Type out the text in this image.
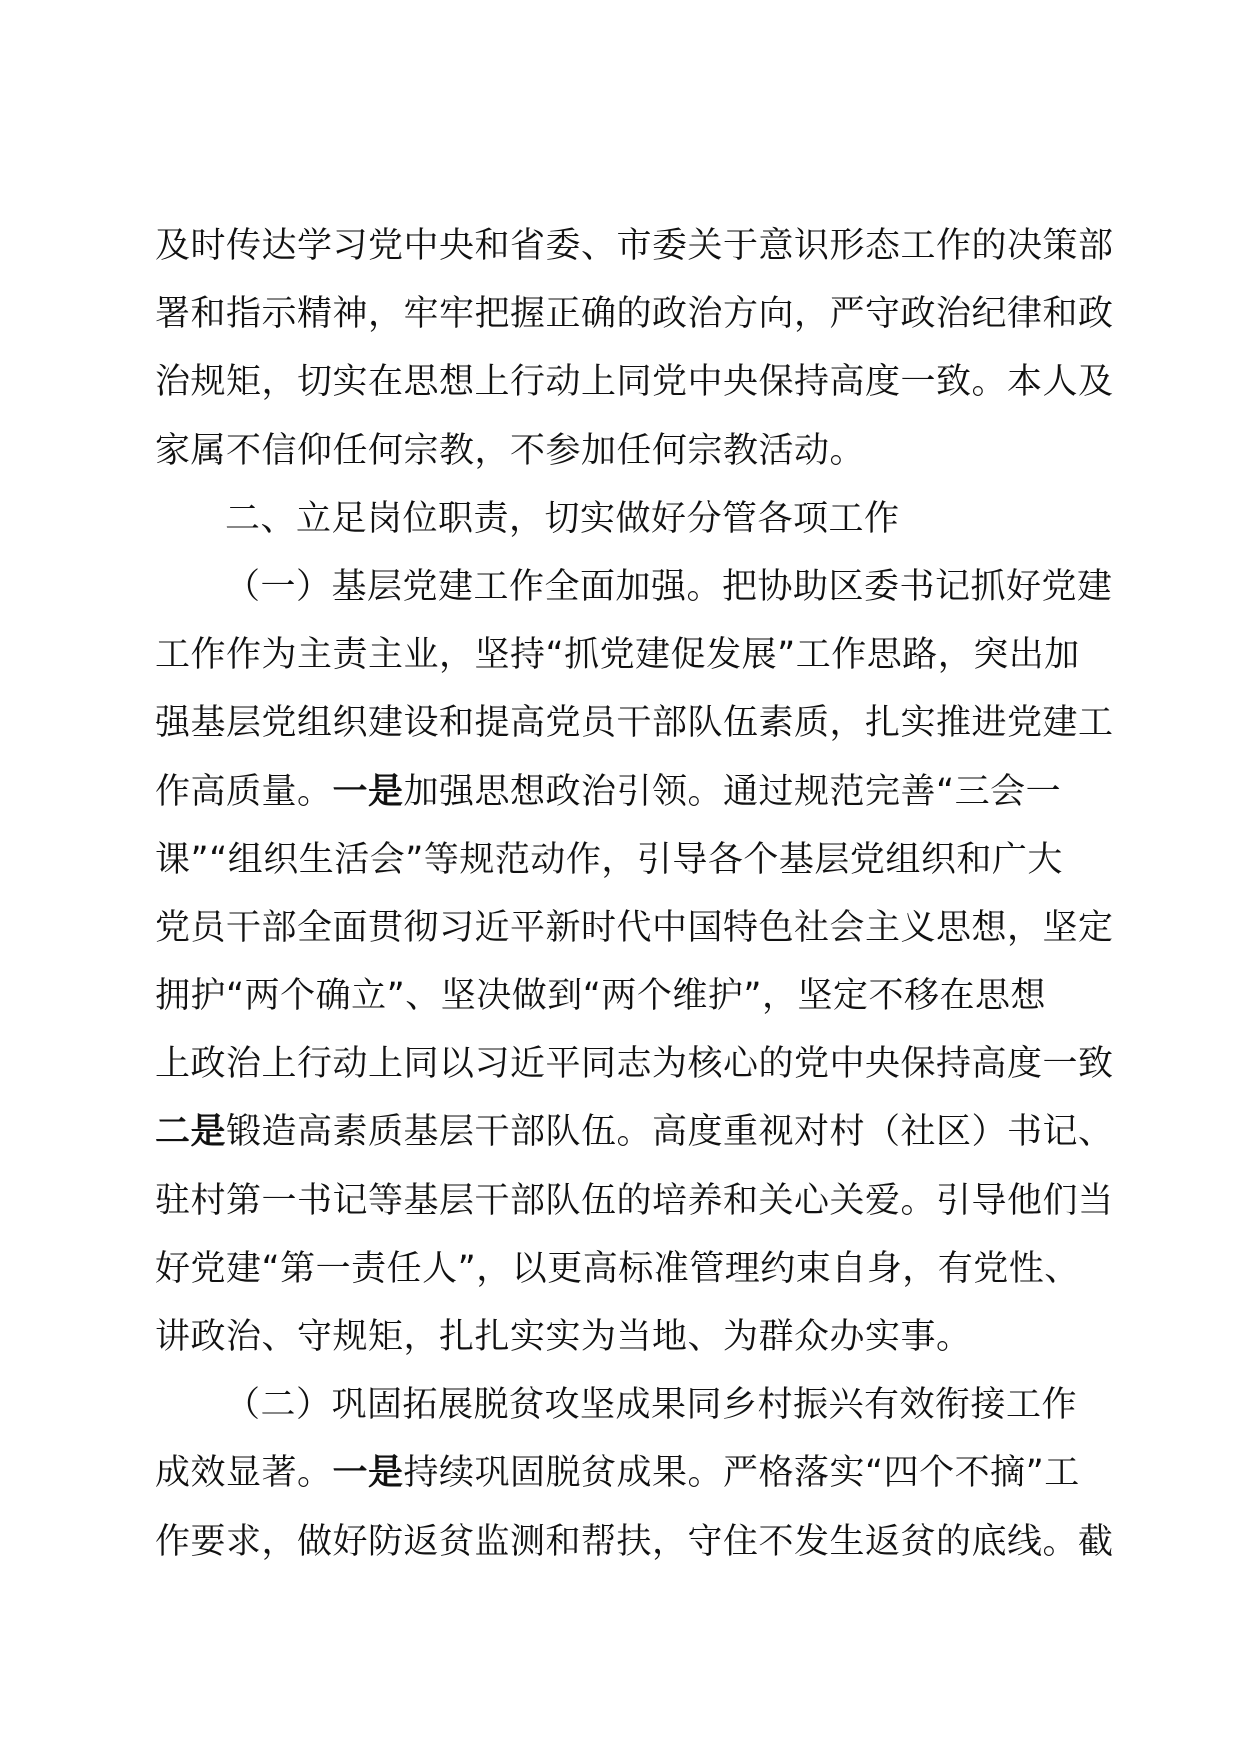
及时传达学习党中央和省委、市委关于意识形态工作的决策部
署和指示精神，牢牢把握正确的政治方向，严守政治纪律和政
治规矩，切实在思想上行动上同党中央保持高度一致。本人及
家属不信仰任何宗教，不参加任何宗教活动。
二、立足岗位职责，切实做好分管各项工作
（一）基层党建工作全面加强。把协助区委书记抓好党建
工作作为主责主业，坚持“抓党建促发展”工作思路，突出加
强基层党组织建设和提高党员干部队伍素质，扎实推进党建工
作高质量。一是加强思想政治引领。通过规范完善“三会一
课”“组织生活会”等规范动作，引导各个基层党组织和广大
党员干部全面贯彻习近平新时代中国特色社会主义思想，坚定
拥护“两个确立”、坚决做到“两个维护”，坚定不移在思想
上政治上行动上同以习近平同志为核心的党中央保持高度一致
二是锻造高素质基层干部队伍。高度重视对村（社区）书记、
驻村第一书记等基层干部队伍的培养和关心关爱。引导他们当
好党建“第一责任人”，以更高标准管理约束自身，有党性、
讲政治、守规矩，扎扎实实为当地、为群众办实事。
（二）巩固拓展脱贫攻坚成果同乡村振兴有效衔接工作
成效显著。一是持续巩固脱贫成果。严格落实“四个不摘”工
作要求，做好防返贫监测和帮扶，守住不发生返贫的底线。截
